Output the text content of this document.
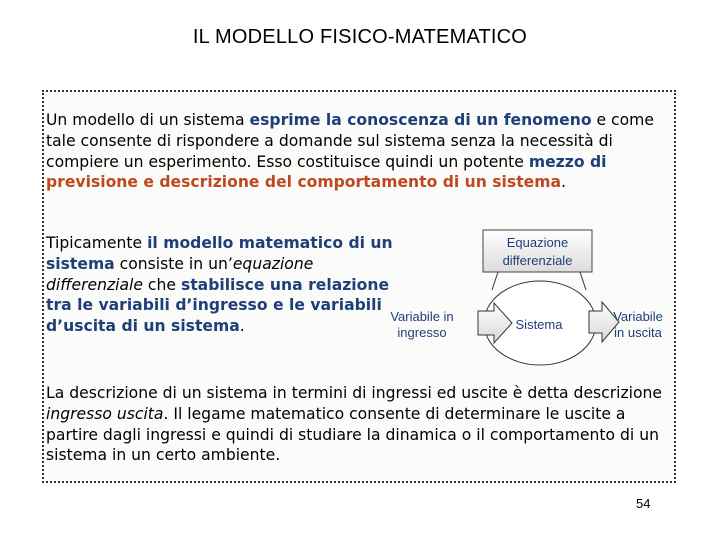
IL MODELLO FISICO-MATEMATICO

Un modello di un sistema esprime la conoscenza di un fenomeno e come tale consente di rispondere a domande sul sistema senza la necessità di compiere un esperimento. Esso costituisce quindi un potente mezzo di previsione e descrizione del comportamento di un sistema.

Tipicamente il modello matematico di un sistema consiste in un’equazione differenziale che stabilisce una relazione tra le variabili d’ingresso e le variabili d’uscita di un sistema.

Equazione
differenziale
Sistema
Variabile in
ingresso
Variabile
in uscita

La descrizione di un sistema in termini di ingressi ed uscite è detta descrizione ingresso uscita. Il legame matematico consente di determinare le uscite a partire dagli ingressi e quindi di studiare la dinamica o il comportamento di un sistema in un certo ambiente.

54
